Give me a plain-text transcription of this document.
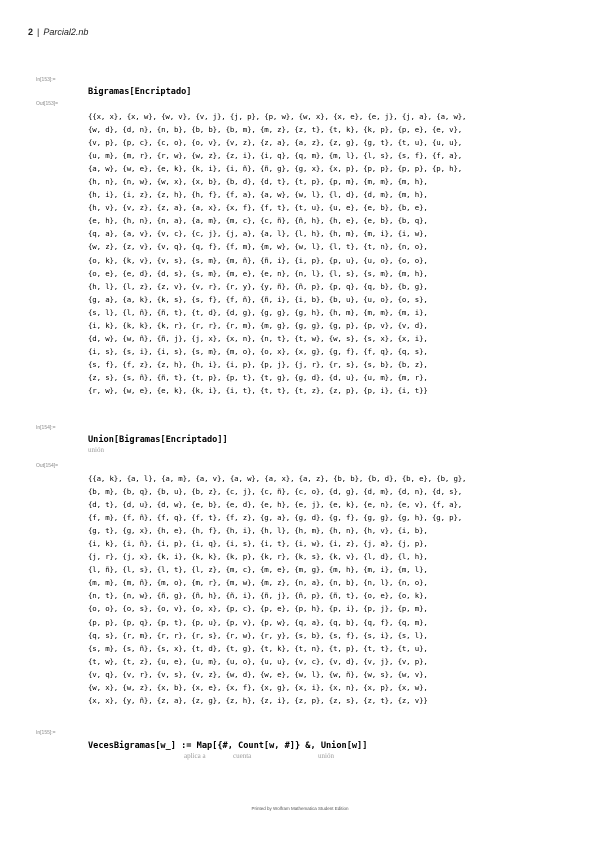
2 | Parcial2.nb
In[153]:=
Bigramas[Encriptado]
Out[153]=
{{x, x}, {x, w}, {w, v}, {v, j}, {j, p}, {p, w}, {w, x}, {x, e}, {e, j}, {j, a}, {a, w},
{w, d}, {d, n}, {n, b}, {b, b}, {b, m}, {m, z}, {z, t}, {t, k}, {k, p}, {p, e}, {e, v},
{v, p}, {p, c}, {c, o}, {o, v}, {v, z}, {z, a}, {a, z}, {z, g}, {g, t}, {t, u}, {u, u},
{u, m}, {m, r}, {r, w}, {w, z}, {z, i}, {i, q}, {q, m}, {m, l}, {l, s}, {s, f}, {f, a},
{a, w}, {w, e}, {e, k}, {k, i}, {i, ñ}, {ñ, g}, {g, x}, {x, p}, {p, p}, {p, p}, {p, h},
{h, n}, {n, w}, {w, x}, {x, b}, {b, d}, {d, t}, {t, p}, {p, m}, {m, m}, {m, h},
{h, i}, {i, z}, {z, h}, {h, f}, {f, a}, {a, w}, {w, l}, {l, d}, {d, m}, {m, h},
{h, v}, {v, z}, {z, a}, {a, x}, {x, f}, {f, t}, {t, u}, {u, e}, {e, b}, {b, e},
{e, h}, {h, n}, {n, a}, {a, m}, {m, c}, {c, ñ}, {ñ, h}, {h, e}, {e, b}, {b, q},
{q, a}, {a, v}, {v, c}, {c, j}, {j, a}, {a, l}, {l, h}, {h, m}, {m, i}, {i, w},
{w, z}, {z, v}, {v, q}, {q, f}, {f, m}, {m, w}, {w, l}, {l, t}, {t, n}, {n, o},
{o, k}, {k, v}, {v, s}, {s, m}, {m, ñ}, {ñ, i}, {i, p}, {p, u}, {u, o}, {o, o},
{o, e}, {e, d}, {d, s}, {s, m}, {m, e}, {e, n}, {n, l}, {l, s}, {s, m}, {m, h},
{h, l}, {l, z}, {z, v}, {v, r}, {r, y}, {y, ñ}, {ñ, p}, {p, q}, {q, b}, {b, g},
{g, a}, {a, k}, {k, s}, {s, f}, {f, ñ}, {ñ, i}, {i, b}, {b, u}, {u, o}, {o, s},
{s, l}, {l, ñ}, {ñ, t}, {t, d}, {d, g}, {g, g}, {g, h}, {h, m}, {m, m}, {m, i},
{i, k}, {k, k}, {k, r}, {r, r}, {r, m}, {m, g}, {g, g}, {g, p}, {p, v}, {v, d},
{d, w}, {w, ñ}, {ñ, j}, {j, x}, {x, n}, {n, t}, {t, w}, {w, s}, {s, x}, {x, i},
{i, s}, {s, i}, {i, s}, {s, m}, {m, o}, {o, x}, {x, g}, {g, f}, {f, q}, {q, s},
{s, f}, {f, z}, {z, h}, {h, i}, {i, p}, {p, j}, {j, r}, {r, s}, {s, b}, {b, z},
{z, s}, {s, ñ}, {ñ, t}, {t, p}, {p, t}, {t, g}, {g, d}, {d, u}, {u, m}, {m, r},
{r, w}, {w, e}, {e, k}, {k, i}, {i, t}, {t, t}, {t, z}, {z, p}, {p, i}, {i, t}}
In[154]:=
Union[Bigramas[Encriptado]]
unión
Out[154]=
{{a, k}, {a, l}, {a, m}, {a, v}, {a, w}, {a, x}, {a, z}, {b, b}, {b, d}, {b, e}, {b, g},
{b, m}, {b, q}, {b, u}, {b, z}, {c, j}, {c, ñ}, {c, o}, {d, g}, {d, m}, {d, n}, {d, s},
{d, t}, {d, u}, {d, w}, {e, b}, {e, d}, {e, h}, {e, j}, {e, k}, {e, n}, {e, v}, {f, a},
{f, m}, {f, ñ}, {f, q}, {f, t}, {f, z}, {g, a}, {g, d}, {g, f}, {g, g}, {g, h}, {g, p},
{g, t}, {g, x}, {h, e}, {h, f}, {h, i}, {h, l}, {h, m}, {h, n}, {h, v}, {i, b},
{i, k}, {i, ñ}, {i, p}, {i, q}, {i, s}, {i, t}, {i, w}, {i, z}, {j, a}, {j, p},
{j, r}, {j, x}, {k, i}, {k, k}, {k, p}, {k, r}, {k, s}, {k, v}, {l, d}, {l, h},
{l, ñ}, {l, s}, {l, t}, {l, z}, {m, c}, {m, e}, {m, g}, {m, h}, {m, i}, {m, l},
{m, m}, {m, ñ}, {m, o}, {m, r}, {m, w}, {m, z}, {n, a}, {n, b}, {n, l}, {n, o},
{n, t}, {n, w}, {ñ, g}, {ñ, h}, {ñ, i}, {ñ, j}, {ñ, p}, {ñ, t}, {o, e}, {o, k},
{o, o}, {o, s}, {o, v}, {o, x}, {p, c}, {p, e}, {p, h}, {p, i}, {p, j}, {p, m},
{p, p}, {p, q}, {p, t}, {p, u}, {p, v}, {p, w}, {q, a}, {q, b}, {q, f}, {q, m},
{q, s}, {r, m}, {r, r}, {r, s}, {r, w}, {r, y}, {s, b}, {s, f}, {s, i}, {s, l},
{s, m}, {s, ñ}, {s, x}, {t, d}, {t, g}, {t, k}, {t, n}, {t, p}, {t, t}, {t, u},
{t, w}, {t, z}, {u, e}, {u, m}, {u, o}, {u, u}, {v, c}, {v, d}, {v, j}, {v, p},
{v, q}, {v, r}, {v, s}, {v, z}, {w, d}, {w, e}, {w, l}, {w, ñ}, {w, s}, {w, v},
{w, x}, {w, z}, {x, b}, {x, e}, {x, f}, {x, g}, {x, i}, {x, n}, {x, p}, {x, w},
{x, x}, {y, ñ}, {z, a}, {z, g}, {z, h}, {z, i}, {z, p}, {z, s}, {z, t}, {z, v}}
In[155]:=
VecesBigramas[w_] := Map[{#, Count[w, #]} &, Union[w]]
aplica a	cuenta	unión
Printed by Wolfram Mathematica Student Edition
